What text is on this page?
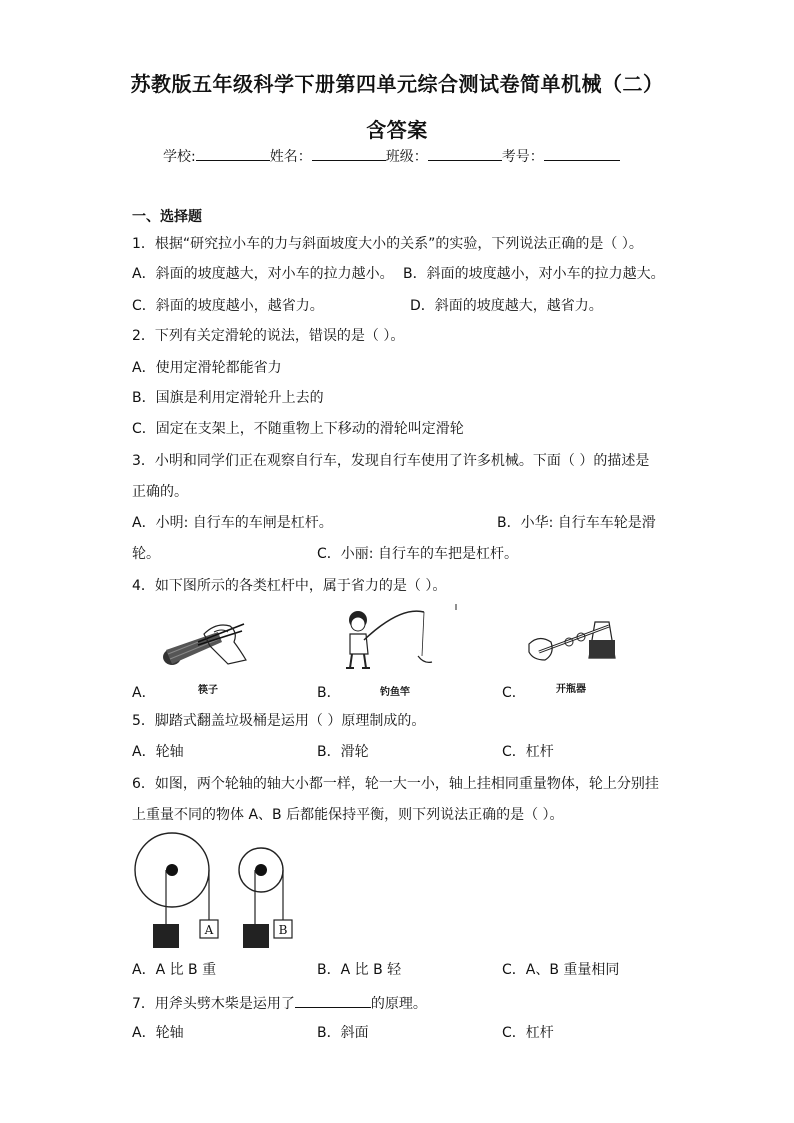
苏教版五年级科学下册第四单元综合测试卷简单机械（二）
含答案
学校:	姓名：	班级：	考号：
一、选择题
1．根据“研究拉小车的力与斜面坡度大小的关系”的实验，下列说法正确的是（ ）。
A．斜面的坡度越大，对小车的拉力越小。 B．斜面的坡度越小，对小车的拉力越大。
C．斜面的坡度越小，越省力。	D．斜面的坡度越大，越省力。
2．下列有关定滑轮的说法，错误的是（ ）。
A．使用定滑轮都能省力
B．国旗是利用定滑轮升上去的
C．固定在支架上，不随重物上下移动的滑轮叫定滑轮
3．小明和同学们正在观察自行车，发现自行车使用了许多机械。下面（ ）的描述是
正确的。
A．小明: 自行车的车闸是杠杆。	B．小华: 自行车车轮是滑
轮。	C．小丽: 自行车的车把是杠杆。
4．如下图所示的各类杠杆中，属于省力的是（ ）。
筷子
A．	钓鱼竿
B．	开瓶器
C．
5．脚踏式翻盖垃圾桶是运用（ ）原理制成的。
A．轮轴	B．滑轮	C．杠杆
6．如图，两个轮轴的轴大小都一样，轮一大一小，轴上挂相同重量物体，轮上分别挂
上重量不同的物体 A、B 后都能保持平衡，则下列说法正确的是（ ）。
A	B
A．A 比 B 重	B．A 比 B 轻	C．A、B 重量相同
7．用斧头劈木柴是运用了	的原理。
A．轮轴	B．斜面	C．杠杆
